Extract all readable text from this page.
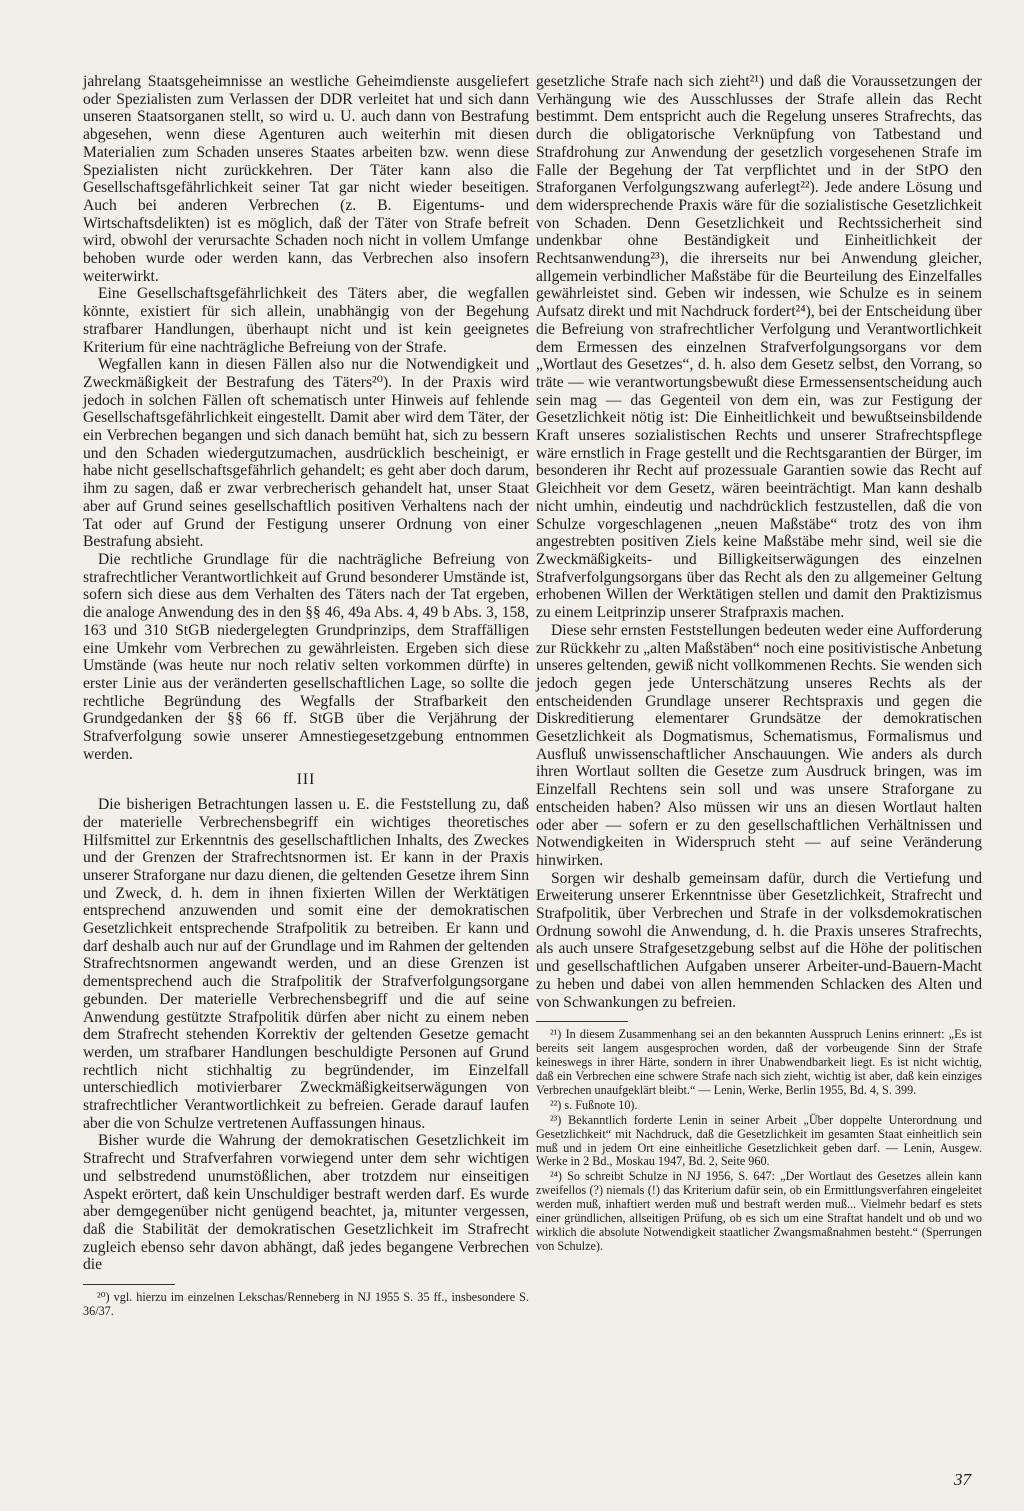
jahrelang Staatsgeheimnisse an westliche Geheimdienste ausgeliefert oder Spezialisten zum Verlassen der DDR verleitet hat und sich dann unseren Staatsorganen stellt, so wird u. U. auch dann von Bestrafung abgesehen, wenn diese Agenturen auch weiterhin mit diesen Materialien zum Schaden unseres Staates arbeiten bzw. wenn diese Spezialisten nicht zurückkehren. Der Täter kann also die Gesellschaftsgefährlichkeit seiner Tat gar nicht wieder beseitigen. Auch bei anderen Verbrechen (z. B. Eigentums- und Wirtschaftsdelikten) ist es möglich, daß der Täter von Strafe befreit wird, obwohl der verursachte Schaden noch nicht in vollem Umfange behoben wurde oder werden kann, das Verbrechen also insofern weiterwirkt.

Eine Gesellschaftsgefährlichkeit des Täters aber, die wegfallen könnte, existiert für sich allein, unabhängig von der Begehung strafbarer Handlungen, überhaupt nicht und ist kein geeignetes Kriterium für eine nachträgliche Befreiung von der Strafe.

Wegfallen kann in diesen Fällen also nur die Notwendigkeit und Zweckmäßigkeit der Bestrafung des Täters²⁰). In der Praxis wird jedoch in solchen Fällen oft schematisch unter Hinweis auf fehlende Gesellschaftsgefährlichkeit eingestellt. Damit aber wird dem Täter, der ein Verbrechen begangen und sich danach bemüht hat, sich zu bessern und den Schaden wiedergutzumachen, ausdrücklich bescheinigt, er habe nicht gesellschaftsgefährlich gehandelt; es geht aber doch darum, ihm zu sagen, daß er zwar verbrecherisch gehandelt hat, unser Staat aber auf Grund seines gesellschaftlich positiven Verhaltens nach der Tat oder auf Grund der Festigung unserer Ordnung von einer Bestrafung absieht.

Die rechtliche Grundlage für die nachträgliche Befreiung von strafrechtlicher Verantwortlichkeit auf Grund besonderer Umstände ist, sofern sich diese aus dem Verhalten des Täters nach der Tat ergeben, die analoge Anwendung des in den §§ 46, 49a Abs. 4, 49 b Abs. 3, 158, 163 und 310 StGB niedergelegten Grundprinzips, dem Straffälligen eine Umkehr vom Verbrechen zu gewährleisten. Ergeben sich diese Umstände (was heute nur noch relativ selten vorkommen dürfte) in erster Linie aus der veränderten gesellschaftlichen Lage, so sollte die rechtliche Begründung des Wegfalls der Strafbarkeit den Grundgedanken der §§ 66 ff. StGB über die Verjährung der Strafverfolgung sowie unserer Amnestiegesetzgebung entnommen werden.

III

Die bisherigen Betrachtungen lassen u. E. die Feststellung zu, daß der materielle Verbrechensbegriff ein wichtiges theoretisches Hilfsmittel zur Erkenntnis des gesellschaftlichen Inhalts, des Zweckes und der Grenzen der Strafrechtsnormen ist. Er kann in der Praxis unserer Straforgane nur dazu dienen, die geltenden Gesetze ihrem Sinn und Zweck, d. h. dem in ihnen fixierten Willen der Werktätigen entsprechend anzuwenden und somit eine der demokratischen Gesetzlichkeit entsprechende Strafpolitik zu betreiben. Er kann und darf deshalb auch nur auf der Grundlage und im Rahmen der geltenden Strafrechtsnormen angewandt werden, und an diese Grenzen ist dementsprechend auch die Strafpolitik der Strafverfolgungsorgane gebunden. Der materielle Verbrechensbegriff und die auf seine Anwendung gestützte Strafpolitik dürfen aber nicht zu einem neben dem Strafrecht stehenden Korrektiv der geltenden Gesetze gemacht werden, um strafbarer Handlungen beschuldigte Personen auf Grund rechtlich nicht stichhaltig zu begründender, im Einzelfall unterschiedlich motivierbarer Zweckmäßigkeitserwägungen von strafrechtlicher Verantwortlichkeit zu befreien. Gerade darauf laufen aber die von Schulze vertretenen Auffassungen hinaus.

Bisher wurde die Wahrung der demokratischen Gesetzlichkeit im Strafrecht und Strafverfahren vorwiegend unter dem sehr wichtigen und selbstredend unumstößlichen, aber trotzdem nur einseitigen Aspekt erörtert, daß kein Unschuldiger bestraft werden darf. Es wurde aber demgegenüber nicht genügend beachtet, ja, mitunter vergessen, daß die Stabilität der demokratischen Gesetzlichkeit im Strafrecht zugleich ebenso sehr davon abhängt, daß jedes begangene Verbrechen die

²⁰) vgl. hierzu im einzelnen Lekschas/Renneberg in NJ 1955 S. 35 ff., insbesondere S. 36/37.

gesetzliche Strafe nach sich zieht²¹) und daß die Voraussetzungen der Verhängung wie des Ausschlusses der Strafe allein das Recht bestimmt. Dem entspricht auch die Regelung unseres Strafrechts, das durch die obligatorische Verknüpfung von Tatbestand und Strafdrohung zur Anwendung der gesetzlich vorgesehenen Strafe im Falle der Begehung der Tat verpflichtet und in der StPO den Straforganen Verfolgungszwang auferlegt²²). Jede andere Lösung und dem widersprechende Praxis wäre für die sozialistische Gesetzlichkeit von Schaden. Denn Gesetzlichkeit und Rechtssicherheit sind undenkbar ohne Beständigkeit und Einheitlichkeit der Rechtsanwendung²³), die ihrerseits nur bei Anwendung gleicher, allgemein verbindlicher Maßstäbe für die Beurteilung des Einzelfalles gewährleistet sind. Geben wir indessen, wie Schulze es in seinem Aufsatz direkt und mit Nachdruck fordert²⁴), bei der Entscheidung über die Befreiung von strafrechtlicher Verfolgung und Verantwortlichkeit dem Ermessen des einzelnen Strafverfolgungsorgans vor dem „Wortlaut des Gesetzes“, d. h. also dem Gesetz selbst, den Vorrang, so träte — wie verantwortungsbewußt diese Ermessensentscheidung auch sein mag — das Gegenteil von dem ein, was zur Festigung der Gesetzlichkeit nötig ist: Die Einheitlichkeit und bewußtseinsbildende Kraft unseres sozialistischen Rechts und unserer Strafrechtspflege wäre ernstlich in Frage gestellt und die Rechtsgarantien der Bürger, im besonderen ihr Recht auf prozessuale Garantien sowie das Recht auf Gleichheit vor dem Gesetz, wären beeinträchtigt. Man kann deshalb nicht umhin, eindeutig und nachdrücklich festzustellen, daß die von Schulze vorgeschlagenen „neuen Maßstäbe“ trotz des von ihm angestrebten positiven Ziels keine Maßstäbe mehr sind, weil sie die Zweckmäßigkeits- und Billigkeitserwägungen des einzelnen Strafverfolgungsorgans über das Recht als den zu allgemeiner Geltung erhobenen Willen der Werktätigen stellen und damit den Praktizismus zu einem Leitprinzip unserer Strafpraxis machen.

Diese sehr ernsten Feststellungen bedeuten weder eine Aufforderung zur Rückkehr zu „alten Maßstäben“ noch eine positivistische Anbetung unseres geltenden, gewiß nicht vollkommenen Rechts. Sie wenden sich jedoch gegen jede Unterschätzung unseres Rechts als der entscheidenden Grundlage unserer Rechtspraxis und gegen die Diskreditierung elementarer Grundsätze der demokratischen Gesetzlichkeit als Dogmatismus, Schematismus, Formalismus und Ausfluß unwissenschaftlicher Anschauungen. Wie anders als durch ihren Wortlaut sollten die Gesetze zum Ausdruck bringen, was im Einzelfall Rechtens sein soll und was unsere Straforgane zu entscheiden haben? Also müssen wir uns an diesen Wortlaut halten oder aber — sofern er zu den gesellschaftlichen Verhältnissen und Notwendigkeiten in Widerspruch steht — auf seine Veränderung hinwirken.

Sorgen wir deshalb gemeinsam dafür, durch die Vertiefung und Erweiterung unserer Erkenntnisse über Gesetzlichkeit, Strafrecht und Strafpolitik, über Verbrechen und Strafe in der volksdemokratischen Ordnung sowohl die Anwendung, d. h. die Praxis unseres Strafrechts, als auch unsere Strafgesetzgebung selbst auf die Höhe der politischen und gesellschaftlichen Aufgaben unserer Arbeiter-und-Bauern-Macht zu heben und dabei von allen hemmenden Schlacken des Alten und von Schwankungen zu befreien.

²¹) In diesem Zusammenhang sei an den bekannten Ausspruch Lenins erinnert: „Es ist bereits seit langem ausgesprochen worden, daß der vorbeugende Sinn der Strafe keineswegs in ihrer Härte, sondern in ihrer Unabwendbarkeit liegt. Es ist nicht wichtig, daß ein Verbrechen eine schwere Strafe nach sich zieht, wichtig ist aber, daß kein einziges Verbrechen unaufgeklärt bleibt.“ — Lenin, Werke, Berlin 1955, Bd. 4, S. 399.

²²) s. Fußnote 10).

²³) Bekanntlich forderte Lenin in seiner Arbeit „Über doppelte Unterordnung und Gesetzlichkeit“ mit Nachdruck, daß die Gesetzlichkeit im gesamten Staat einheitlich sein muß und in jedem Ort eine einheitliche Gesetzlichkeit geben darf. — Lenin, Ausgew. Werke in 2 Bd., Moskau 1947, Bd. 2, Seite 960.

²⁴) So schreibt Schulze in NJ 1956, S. 647: „Der Wortlaut des Gesetzes allein kann zweifellos (?) niemals (!) das Kriterium dafür sein, ob ein Ermittlungsverfahren eingeleitet werden muß, inhaftiert werden muß und bestraft werden muß... Vielmehr bedarf es stets einer gründlichen, allseitigen Prüfung, ob es sich um eine Straftat handelt und ob und wo wirklich die absolute Notwendigkeit staatlicher Zwangsmaßnahmen besteht.“ (Sperrungen von Schulze).

37
